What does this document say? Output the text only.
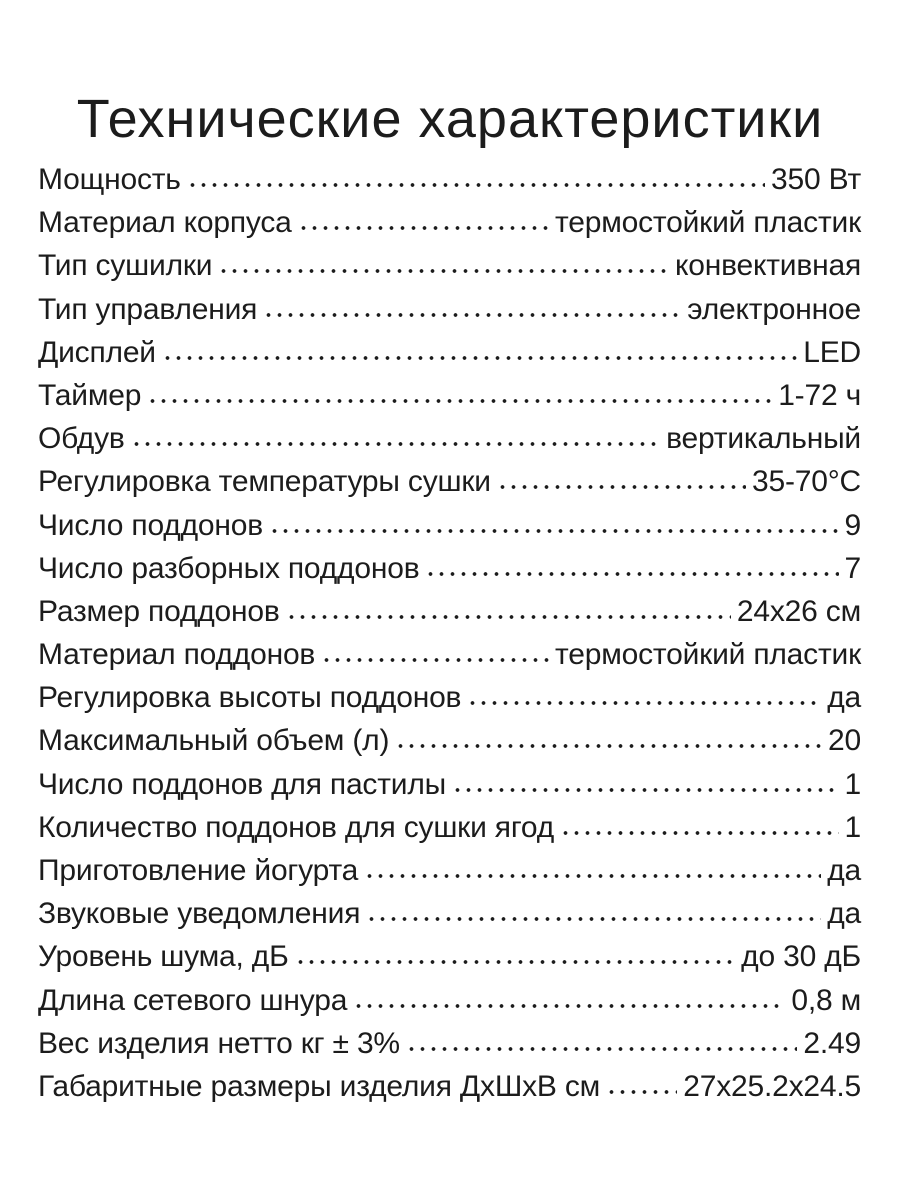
Технические характеристики
Мощность	350 Вт
Материал корпуса	термостойкий пластик
Тип сушилки	конвективная
Тип управления	электронное
Дисплей	LED
Таймер	1-72 ч
Обдув	вертикальный
Регулировка температуры сушки	35-70°C
Число поддонов	9
Число разборных поддонов	7
Размер поддонов	24x26 см
Материал поддонов	термостойкий пластик
Регулировка высоты поддонов	да
Максимальный объем (л)	20
Число поддонов для пастилы	1
Количество поддонов для сушки ягод	1
Приготовление йогурта	да
Звуковые уведомления	да
Уровень шума, дБ	до 30 дБ
Длина сетевого шнура	0,8 м
Вес изделия нетто кг ± 3%	2.49
Габаритные размеры изделия ДхШхВ см	27x25.2x24.5
